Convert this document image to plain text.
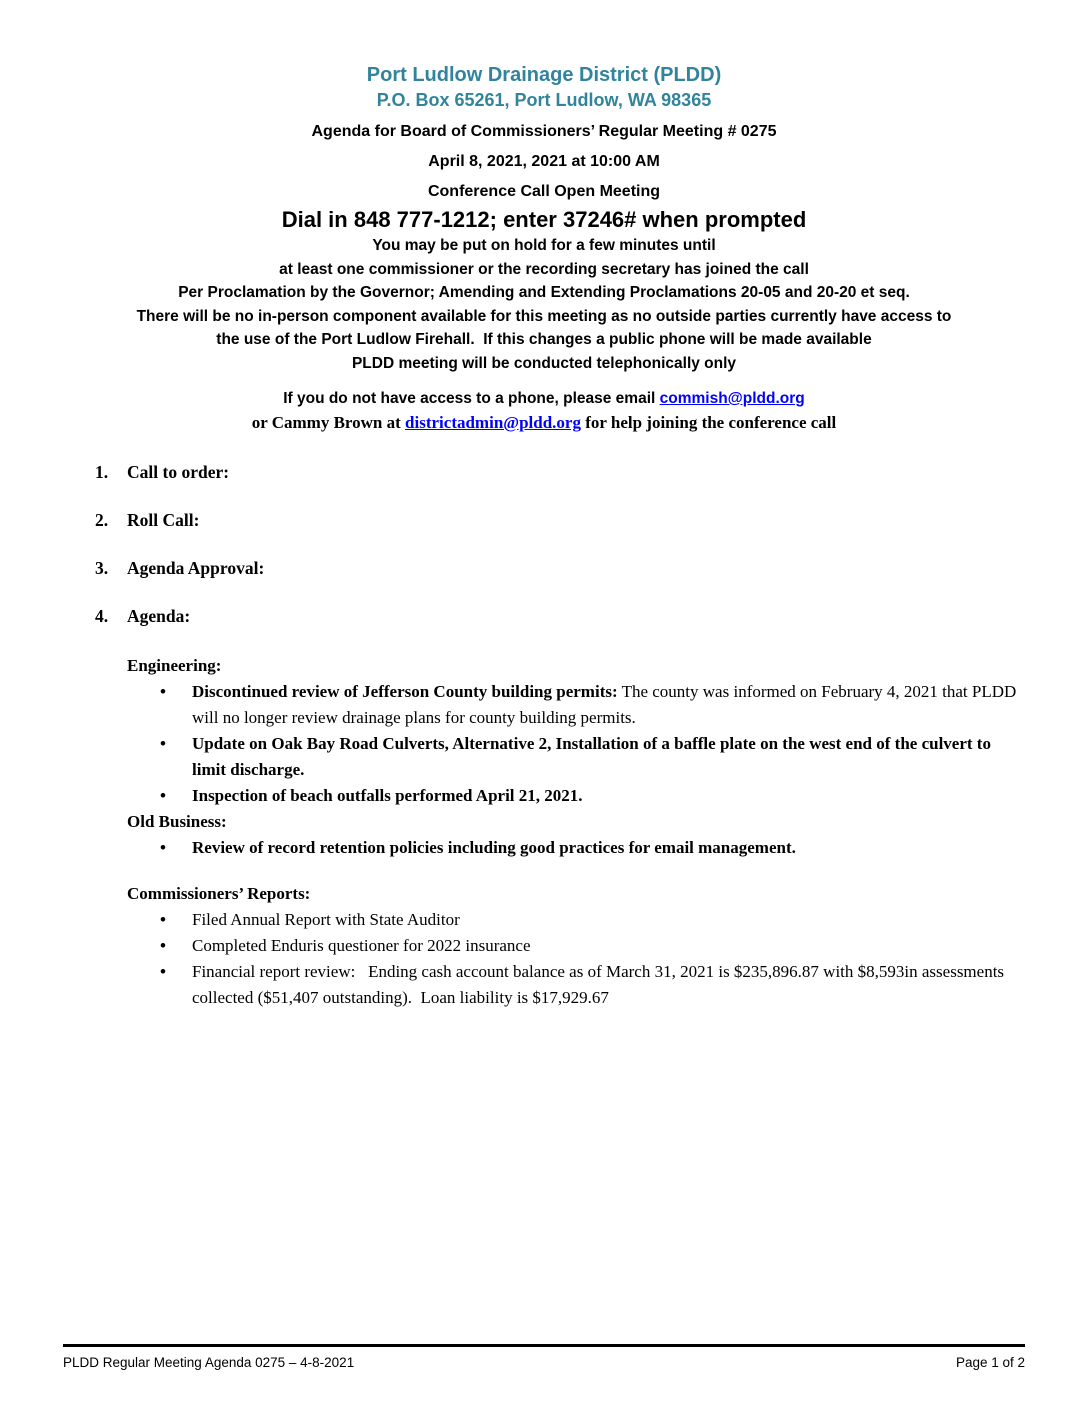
Port Ludlow Drainage District (PLDD)
P.O. Box 65261, Port Ludlow, WA 98365
Agenda for Board of Commissioners’ Regular Meeting # 0275
April 8, 2021, 2021 at 10:00 AM
Conference Call Open Meeting
Dial in 848 777-1212; enter 37246# when prompted
You may be put on hold for a few minutes until
at least one commissioner or the recording secretary has joined the call
Per Proclamation by the Governor; Amending and Extending Proclamations 20-05 and 20-20 et seq.
There will be no in-person component available for this meeting as no outside parties currently have access to
the use of the Port Ludlow Firehall.  If this changes a public phone will be made available
PLDD meeting will be conducted telephonically only
If you do not have access to a phone, please email commish@pldd.org
or Cammy Brown at districtadmin@pldd.org for help joining the conference call
1.	Call to order:
2.	Roll Call:
3.	Agenda Approval:
4.	Agenda:
Engineering:
•	Discontinued review of Jefferson County building permits: The county was informed on February 4, 2021 that PLDD will no longer review drainage plans for county building permits.
•	Update on Oak Bay Road Culverts, Alternative 2, Installation of a baffle plate on the west end of the culvert to limit discharge.
•	Inspection of beach outfalls performed April 21, 2021.
Old Business:
•	Review of record retention policies including good practices for email management.
Commissioners’ Reports:
•	Filed Annual Report with State Auditor
•	Completed Enduris questioner for 2022 insurance
•	Financial report review:   Ending cash account balance as of March 31, 2021 is $235,896.87 with $8,593in assessments collected ($51,407 outstanding).  Loan liability is $17,929.67
PLDD Regular Meeting Agenda 0275 – 4-8-2021	Page 1 of 2
